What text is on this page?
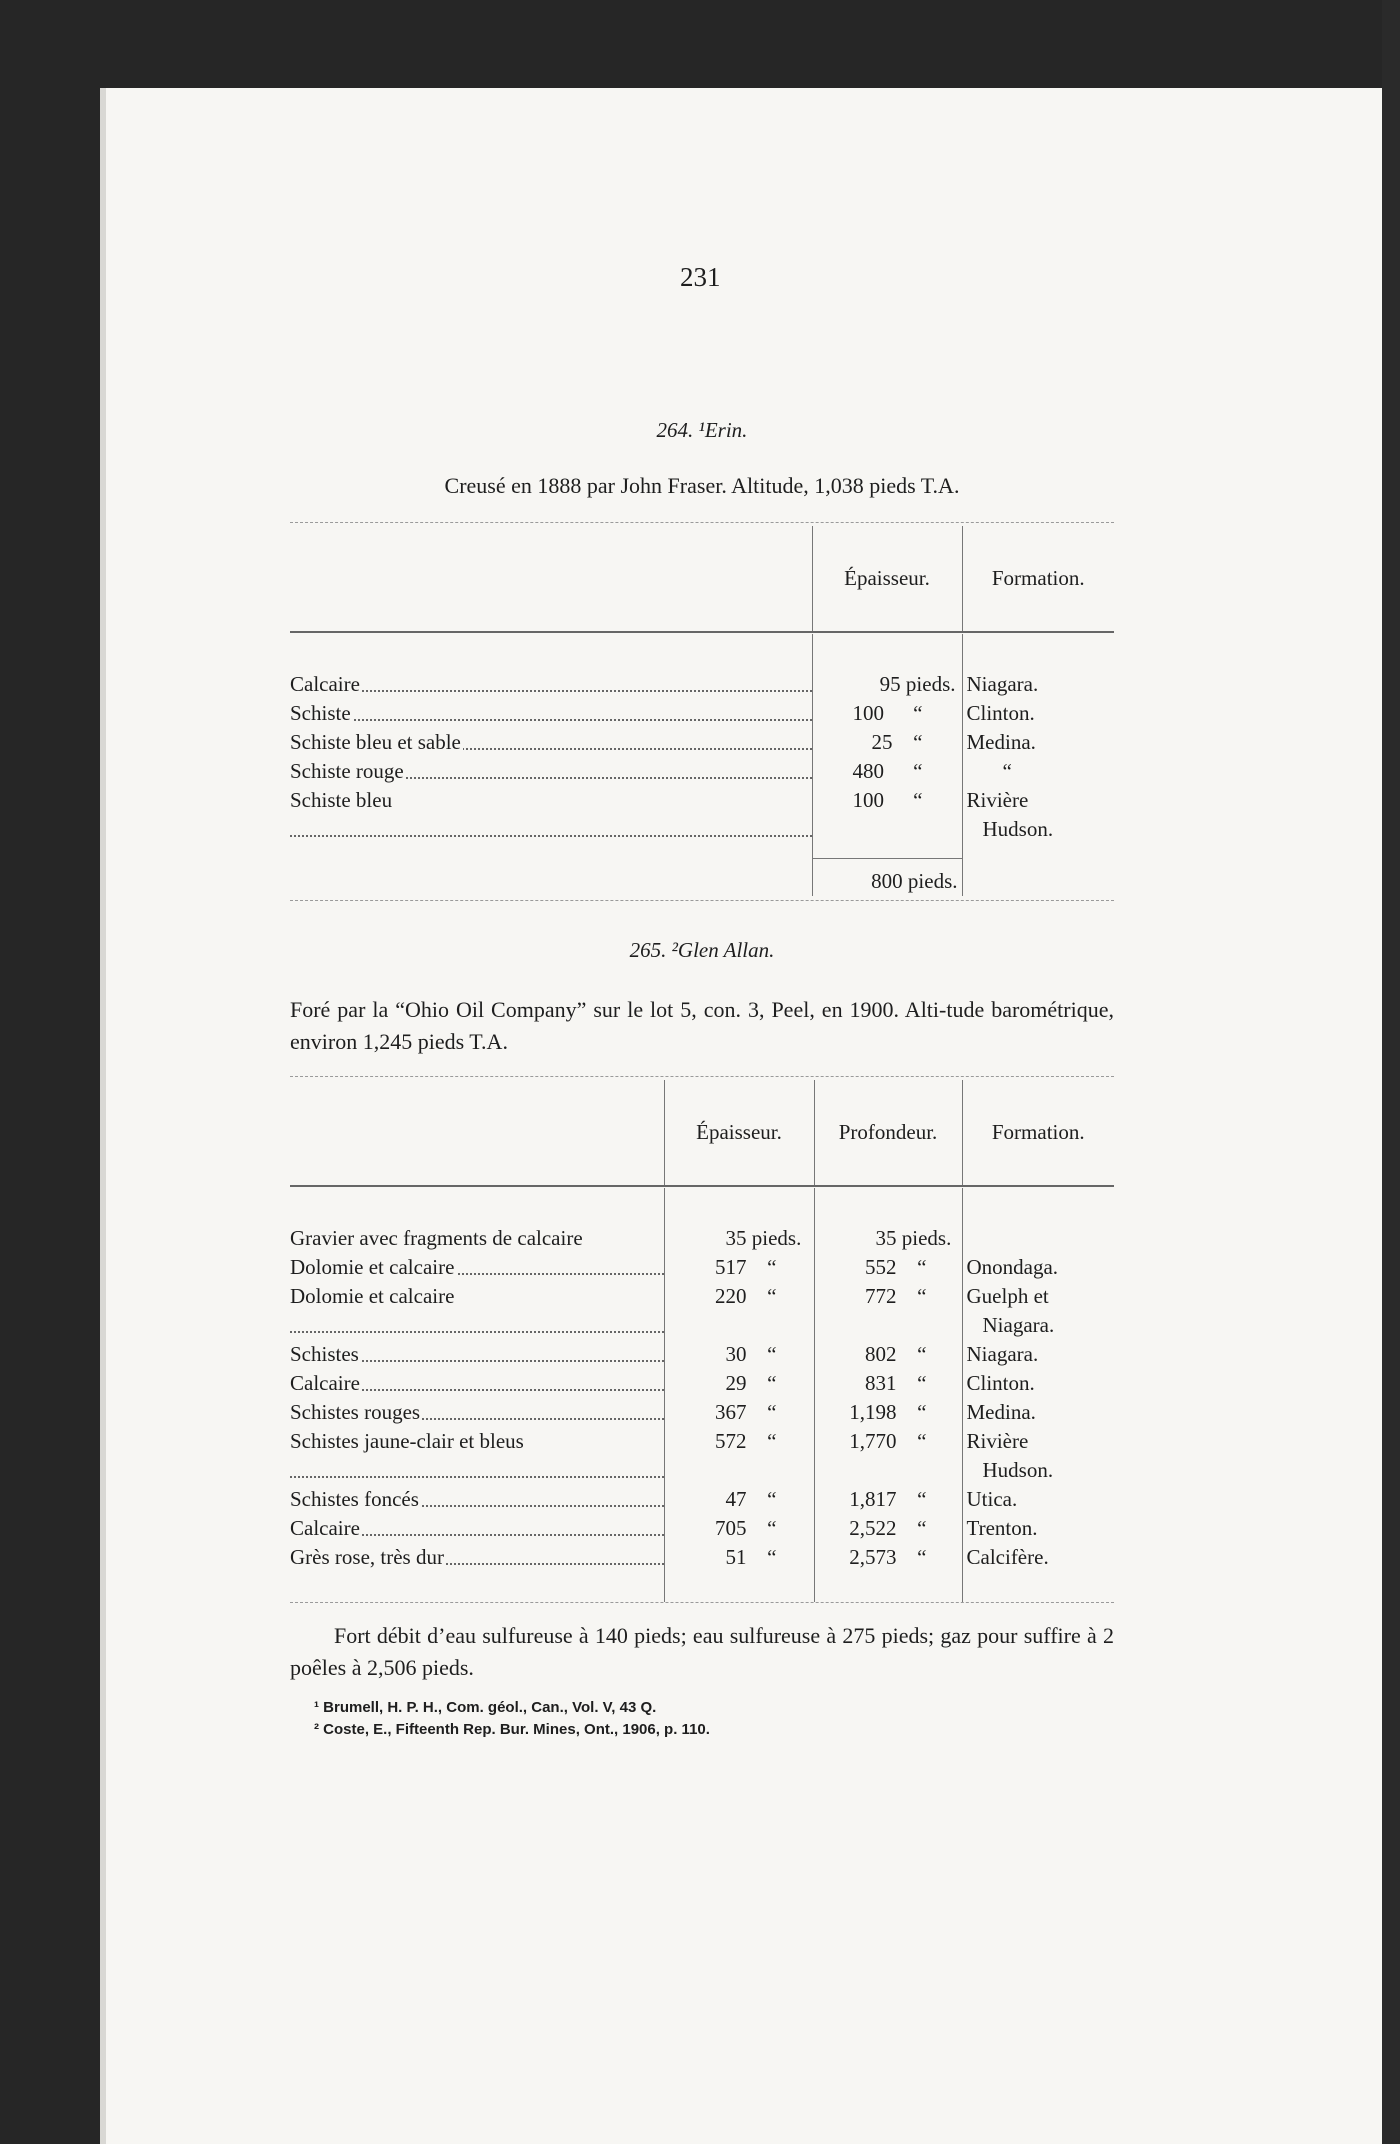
231
264. ¹Erin.
Creusé en 1888 par John Fraser. Altitude, 1,038 pieds T.A.
	Épaisseur.	Formation.

Calcaire	95 pieds.	Niagara.

Schiste	100 “	Clinton.

Schiste bleu et sable	25 “	Medina.

Schiste rouge	480 “	“

Schiste bleu	100 “	Rivière
Hudson.

	800 pieds.	
265. ²Glen Allan.
Foré par la “Ohio Oil Company” sur le lot 5, con. 3, Peel, en 1900. Alti-tude barométrique, environ 1,245 pieds T.A.
	Épaisseur.	Profondeur.	Formation.

Gravier avec fragments de calcaire	35 pieds.	35 pieds.	

Dolomie et calcaire	517 “	552 “	Onondaga.

Dolomie et calcaire	220 “	772 “	Guelph et
Niagara.

Schistes	30 “	802 “	Niagara.

Calcaire	29 “	831 “	Clinton.

Schistes rouges	367 “	1,198 “	Medina.

Schistes jaune-clair et bleus	572 “	1,770 “	Rivière
Hudson.

Schistes foncés	47 “	1,817 “	Utica.

Calcaire	705 “	2,522 “	Trenton.

Grès rose, très dur	51 “	2,573 “	Calcifère.

Fort débit d’eau sulfureuse à 140 pieds; eau sulfureuse à 275 pieds; gaz pour suffire à 2 poêles à 2,506 pieds.
¹ Brumell, H. P. H., Com. géol., Can., Vol. V, 43 Q.
² Coste, E., Fifteenth Rep. Bur. Mines, Ont., 1906, p. 110.
